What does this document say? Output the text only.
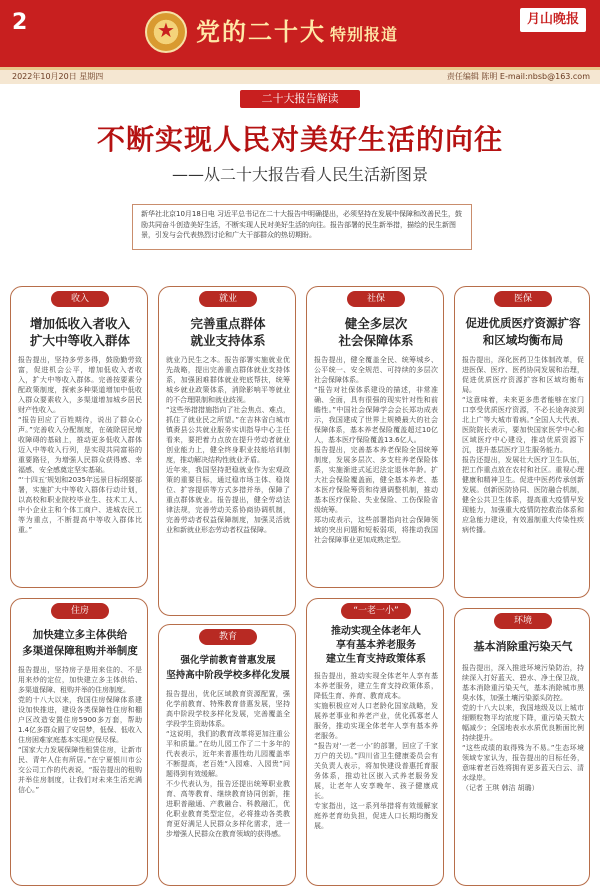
2	★ 党的二十大 特别报道
月山晚报
2022年10月20日 星期四	责任编辑 陈明 E-mail:nbsb@163.com
二十大报告解读
不断实现人民对美好生活的向往
——从二十大报告看人民生活新图景
新华社北京10月18日电 习近平总书记在二十大报告中明确提出，必须坚持在发展中保障和改善民生，鼓励共同奋斗创造美好生活，不断实现人民对美好生活的向往。报告部署的民生新举措，描绘的民生新图景，引发与会代表热烈讨论和广大干部群众的热切期盼。
收入
增加低收入者收入
扩大中等收入群体
报告提出，坚持多劳多得，鼓励勤劳致富，促进机会公平，增加低收入者收入，扩大中等收入群体。完善按要素分配政策制度，探索多种渠道增加中低收入群众要素收入，多渠道增加城乡居民财产性收入。
“报告回应了百姓期待，说出了群众心声。”完善收入分配制度，在破除居民增收障碍的基础上，推动更多低收入群体迈入中等收入行列，是实现共同富裕的重要路径，为增强人民群众获得感、幸福感、安全感奠定坚实基础。
“‘十四五’规划和2035年远景目标纲要部署，实施扩大中等收入群体行动计划，以高校和职业院校毕业生、技术工人、中小企业主和个体工商户、进城农民工等为重点，不断提高中等收入群体比重。”
就业
完善重点群体
就业支持体系
就业乃民生之本。报告部署实施就业优先战略，提出完善重点群体就业支持体系，加强困难群体就业兜底帮扶，统筹城乡就业政策体系，消除影响平等就业的不合理限制和就业歧视。
“这些举措措施指向了社会焦点、难点，抓住了就业民之所望。”在吉林省白城市镇赉县公共就业服务实训指导中心主任看来，要把着力点放在提升劳动者就业创业能力上，健全终身职业技能培训制度，推动解决结构性就业矛盾。
近年来，我国坚持把稳就业作为宏观政策的重要目标，通过稳市场主体、稳岗位、扩容提质等方式多措并举，保障了重点群体就业。报告提出，健全劳动法律法规，完善劳动关系协商协调机制，完善劳动者权益保障制度，加强灵活就业和新就业形态劳动者权益保障。
社保
健全多层次
社会保障体系
报告提出，健全覆盖全民、统筹城乡、公平统一、安全规范、可持续的多层次社会保障体系。
“报告对社保体系建设的描述，非常准确、全面，具有很强的现实针对性和前瞻性。”中国社会保障学会会长郑功成表示，我国建成了世界上规模最大的社会保障体系，基本养老保险覆盖超过10亿人，基本医疗保险覆盖13.6亿人。
报告提出，完善基本养老保险全国统筹制度，发展多层次、多支柱养老保险体系，实施渐进式延迟法定退休年龄。扩大社会保险覆盖面，健全基本养老、基本医疗保险筹资和待遇调整机制，推动基本医疗保险、失业保险、工伤保险省级统筹。
郑功成表示，这些部署指向社会保障领域的突出问题和短板弱项，将推动我国社会保障事业更加成熟定型。
医保
促进优质医疗资源扩容
和区域均衡布局
报告提出，深化医药卫生体制改革，促进医保、医疗、医药协同发展和治理，促进优质医疗资源扩容和区域均衡布局。
“这意味着，未来更多患者能够在家门口享受优质医疗资源，不必长途奔波到北上广等大城市看病。”全国人大代表、医院院长表示，要加快国家医学中心和区域医疗中心建设，推动优质资源下沉，提升基层医疗卫生服务能力。
报告还提出，发展壮大医疗卫生队伍，把工作重点放在农村和社区。重视心理健康和精神卫生。促进中医药传承创新发展。创新医防协同、医防融合机制，健全公共卫生体系，提高重大疫情早发现能力，加强重大疫情防控救治体系和应急能力建设，有效遏制重大传染性疾病传播。
住房
加快建立多主体供给
多渠道保障租购并举制度
报告提出，坚持房子是用来住的、不是用来炒的定位，加快建立多主体供给、多渠道保障、租购并举的住房制度。
党的十八大以来，我国住房保障体系建设加快推进，建设各类保障性住房和棚户区改造安置住房5900多万套，帮助1.4亿多群众圆了安居梦，低保、低收入住房困难家庭基本实现应保尽保。
“国家大力发展保障性租赁住房，让新市民、青年人住有所居。”在宁夏银川市公交公司工作的代表说，“报告提出的租购并举住房制度，让我们对未来生活充满信心。”
教育
强化学前教育普惠发展
坚持高中阶段学校多样化发展
报告提出，优化区域教育资源配置，强化学前教育、特殊教育普惠发展，坚持高中阶段学校多样化发展，完善覆盖全学段学生资助体系。
“这说明，我们的教育改革将更加注重公平和质量。”在幼儿园工作了二十多年的代表表示，近年来普惠性幼儿园覆盖率不断提高，老百姓“入园难、入园贵”问题得到有效缓解。
不少代表认为，报告还提出统筹职业教育、高等教育、继续教育协同创新，推进职普融通、产教融合、科教融汇，优化职业教育类型定位，必将推动各类教育更好满足人民群众多样化需求，进一步增强人民群众在教育领域的获得感。
“一老一小”
推动实现全体老年人
享有基本养老服务
建立生育支持政策体系
报告提出，推动实现全体老年人享有基本养老服务，建立生育支持政策体系，降低生育、养育、教育成本。
实施积极应对人口老龄化国家战略，发展养老事业和养老产业，优化孤寡老人服务，推动实现全体老年人享有基本养老服务。
“报告对‘一老一小’的部署，回应了千家万户的关切。”四川省卫生健康委员会有关负责人表示，将加快建设普惠托育服务体系，推动社区嵌入式养老服务发展，让老年人安享晚年、孩子健康成长。
专家指出，这一系列举措将有效缓解家庭养老育幼负担，促进人口长期均衡发展。
环境
基本消除重污染天气
报告提出，深入推进环境污染防治，持续深入打好蓝天、碧水、净土保卫战，基本消除重污染天气，基本消除城市黑臭水体，加强土壤污染源头防控。
党的十八大以来，我国地级及以上城市细颗粒物平均浓度下降，重污染天数大幅减少；全国地表水水质优良断面比例持续提升。
“这些成绩的取得殊为不易。”生态环境领域专家认为，报告提出的目标任务，意味着老百姓将拥有更多蓝天白云、清水绿岸。
（记者 王琪 韩洁 胡璐）
